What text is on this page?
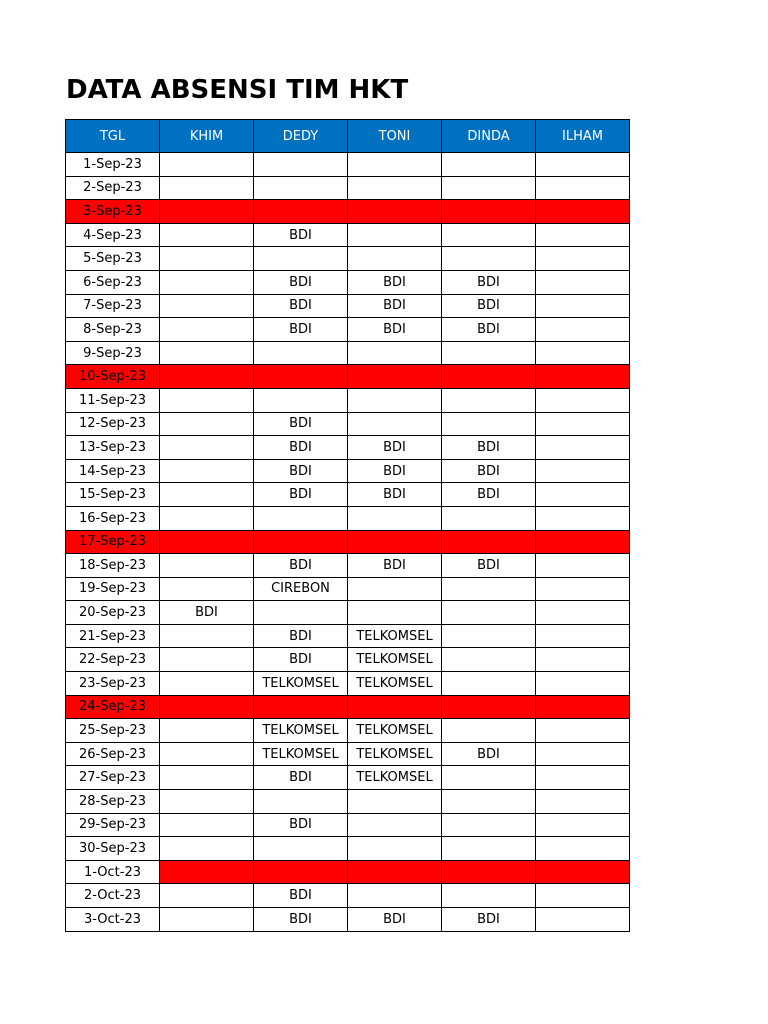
DATA ABSENSI TIM HKT
TGL	KHIM	DEDY	TONI	DINDA	ILHAM
1-Sep-23					
2-Sep-23					
3-Sep-23					
4-Sep-23		BDI			
5-Sep-23					
6-Sep-23		BDI	BDI	BDI	
7-Sep-23		BDI	BDI	BDI	
8-Sep-23		BDI	BDI	BDI	
9-Sep-23					
10-Sep-23					
11-Sep-23					
12-Sep-23		BDI			
13-Sep-23		BDI	BDI	BDI	
14-Sep-23		BDI	BDI	BDI	
15-Sep-23		BDI	BDI	BDI	
16-Sep-23					
17-Sep-23					
18-Sep-23		BDI	BDI	BDI	
19-Sep-23		CIREBON			
20-Sep-23	BDI				
21-Sep-23		BDI	TELKOMSEL		
22-Sep-23		BDI	TELKOMSEL		
23-Sep-23		TELKOMSEL	TELKOMSEL		
24-Sep-23					
25-Sep-23		TELKOMSEL	TELKOMSEL		
26-Sep-23		TELKOMSEL	TELKOMSEL	BDI	
27-Sep-23		BDI	TELKOMSEL		
28-Sep-23					
29-Sep-23		BDI			
30-Sep-23					
1-Oct-23					
2-Oct-23		BDI			
3-Oct-23		BDI	BDI	BDI	
